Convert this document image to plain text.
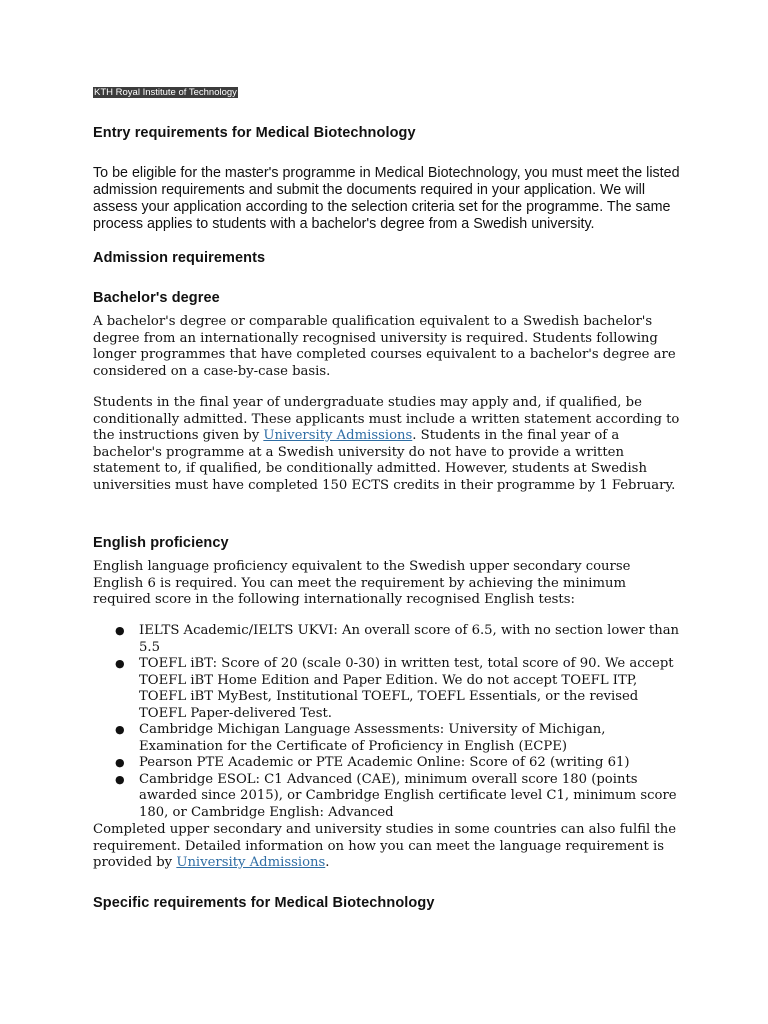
KTH Royal Institute of Technology
Entry requirements for Medical Biotechnology

To be eligible for the master's programme in Medical Biotechnology, you must meet the listed admission requirements and submit the documents required in your application. We will assess your application according to the selection criteria set for the programme. The same process applies to students with a bachelor's degree from a Swedish university.

Admission requirements
Bachelor's degree

A bachelor's degree or comparable qualification equivalent to a Swedish bachelor's degree from an internationally recognised university is required. Students following longer programmes that have completed courses equivalent to a bachelor's degree are considered on a case-by-case basis.

Students in the final year of undergraduate studies may apply and, if qualified, be conditionally admitted. These applicants must include a written statement according to the instructions given by University Admissions. Students in the final year of a bachelor's programme at a Swedish university do not have to provide a written statement to, if qualified, be conditionally admitted. However, students at Swedish universities must have completed 150 ECTS credits in their programme by 1 February.

English proficiency

English language proficiency equivalent to the Swedish upper secondary course English 6 is required. You can meet the requirement by achieving the minimum required score in the following internationally recognised English tests:

● IELTS Academic/IELTS UKVI: An overall score of 6.5, with no section lower than 5.5
● TOEFL iBT: Score of 20 (scale 0-30) in written test, total score of 90. We accept TOEFL iBT Home Edition and Paper Edition. We do not accept TOEFL ITP, TOEFL iBT MyBest, Institutional TOEFL, TOEFL Essentials, or the revised TOEFL Paper-delivered Test.
● Cambridge Michigan Language Assessments: University of Michigan, Examination for the Certificate of Proficiency in English (ECPE)
● Pearson PTE Academic or PTE Academic Online: Score of 62 (writing 61)
● Cambridge ESOL: C1 Advanced (CAE), minimum overall score 180 (points awarded since 2015), or Cambridge English certificate level C1, minimum score 180, or Cambridge English: Advanced

Completed upper secondary and university studies in some countries can also fulfil the requirement. Detailed information on how you can meet the language requirement is provided by University Admissions.

Specific requirements for Medical Biotechnology
